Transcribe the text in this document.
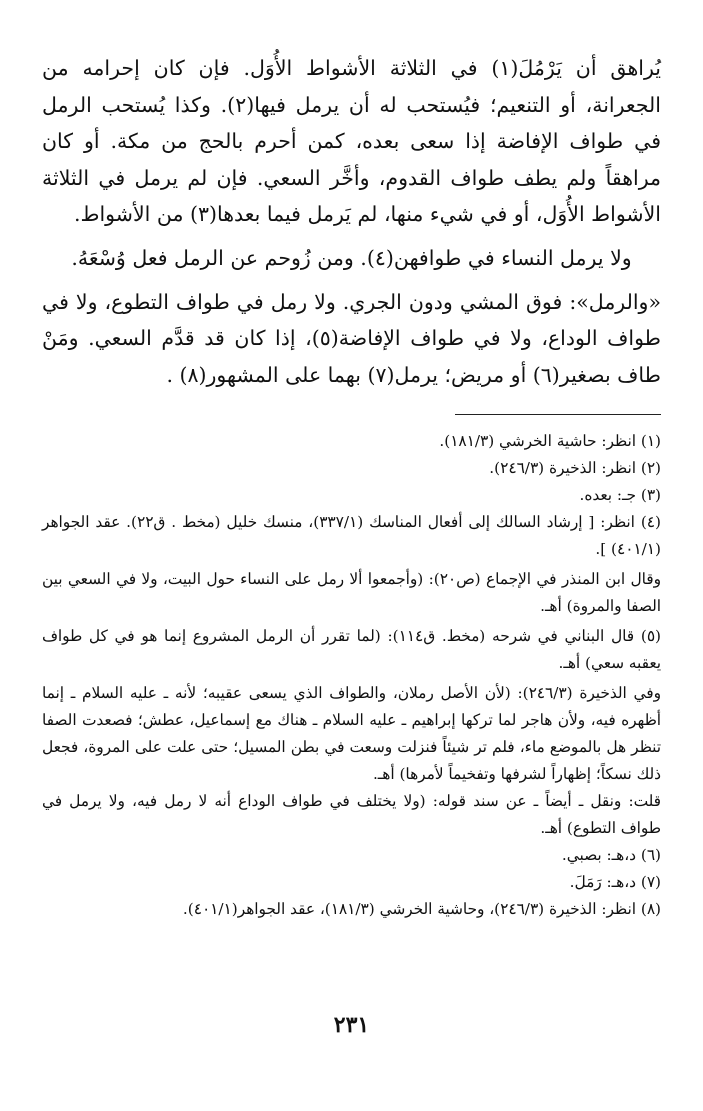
يُراهق أن يَرْمُلَ(١) في الثلاثة الأشواط الأُوَل. فإن كان إحرامه من الجعرانة، أو التنعيم؛ فيُستحب له أن يرمل فيها(٢). وكذا يُستحب الرمل في طواف الإفاضة إذا سعى بعده، كمن أحرم بالحج من مكة. أو كان مراهقاً ولم يطف طواف القدوم، وأخَّر السعي. فإن لم يرمل في الثلاثة الأشواط الأُوَل، أو في شيء منها، لم يَرمل فيما بعدها(٣) من الأشواط.

ولا يرمل النساء في طوافهن(٤). ومن زُوحم عن الرمل فعل وُسْعَهُ.

«والرمل»: فوق المشي ودون الجري. ولا رمل في طواف التطوع، ولا في طواف الوداع، ولا في طواف الإفاضة(٥)، إذا كان قد قدَّم السعي. ومَنْ طاف بصغير(٦) أو مريض؛ يرمل(٧) بهما على المشهور(٨) .

(١) انظر: حاشية الخرشي (١٨١/٣).

(٢) انظر: الذخيرة (٢٤٦/٣).

(٣) جـ: بعده.

(٤) انظر: [ إرشاد السالك إلى أفعال المناسك (٣٣٧/١)، منسك خليل (مخط . ق٢٢). عقد الجواهر (٤٠١/١) ].

وقال ابن المنذر في الإجماع (ص٢٠): (وأجمعوا ألا رمل على النساء حول البيت، ولا في السعي بين الصفا والمروة) أهـ.

(٥) قال البناني في شرحه (مخط. ق١١٤): (لما تقرر أن الرمل المشروع إنما هو في كل طواف يعقبه سعي) أهـ.

وفي الذخيرة (٢٤٦/٣): (لأن الأصل رملان، والطواف الذي يسعى عقيبه؛ لأنه ـ عليه السلام ـ إنما أظهره فيه، ولأن هاجر لما تركها إبراهيم ـ عليه السلام ـ هناك مع إسماعيل، عطش؛ فصعدت الصفا تنظر هل بالموضع ماء، فلم تر شيئاً فنزلت وسعت في بطن المسيل؛ حتى علت على المروة، فجعل ذلك نسكاً؛ إظهاراً لشرفها وتفخيماً لأمرها) أهـ.

قلت: ونقل ـ أيضاً ـ عن سند قوله: (ولا يختلف في طواف الوداع أنه لا رمل فيه، ولا يرمل في طواف التطوع) أهـ.

(٦) د،هـ: بصبي.

(٧) د،هـ: رَمَلَ.

(٨) انظر: الذخيرة (٢٤٦/٣)، وحاشية الخرشي (١٨١/٣)، عقد الجواهر(٤٠١/١).

٢٣١
